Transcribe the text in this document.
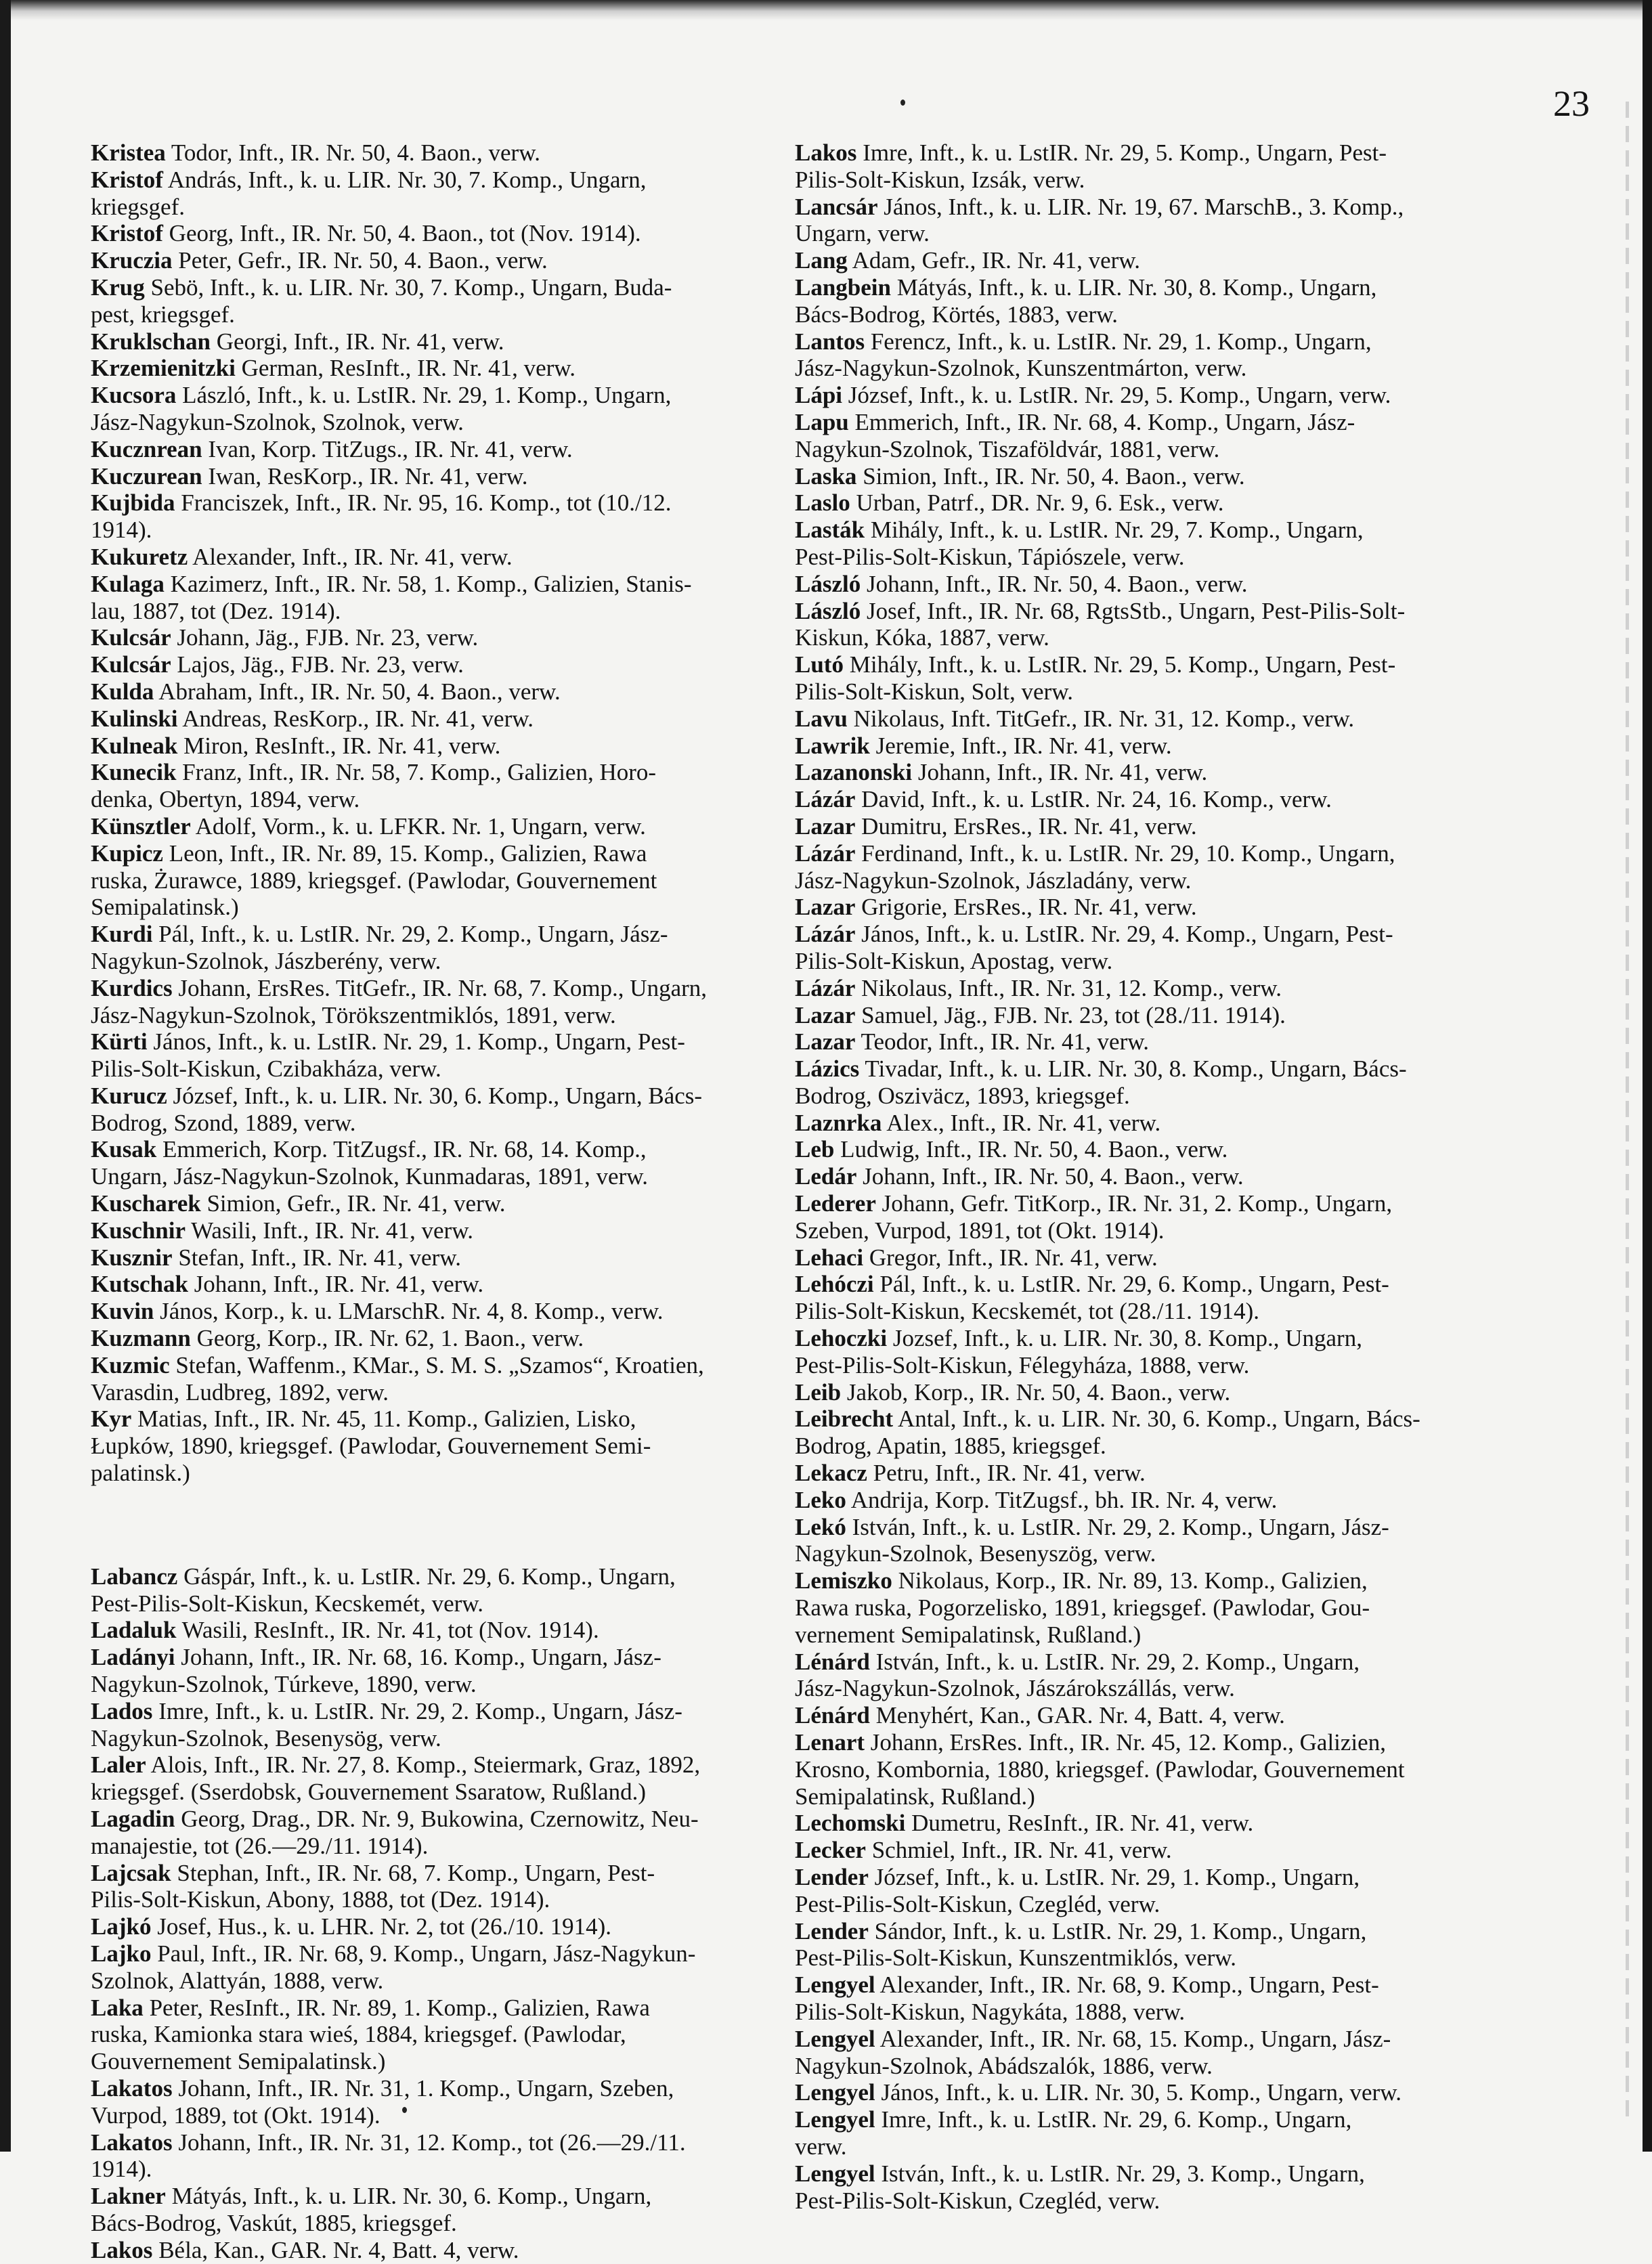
23

Kristea Todor, Inft., IR. Nr. 50, 4. Baon., verw.

Kristof András, Inft., k. u. LIR. Nr. 30, 7. Komp., Ungarn,
kriegsgef.

Kristof Georg, Inft., IR. Nr. 50, 4. Baon., tot (Nov. 1914).

Kruczia Peter, Gefr., IR. Nr. 50, 4. Baon., verw.

Krug Sebö, Inft., k. u. LIR. Nr. 30, 7. Komp., Ungarn, Buda-
pest, kriegsgef.

Kruklschan Georgi, Inft., IR. Nr. 41, verw.

Krzemienitzki German, ResInft., IR. Nr. 41, verw.

Kucsora László, Inft., k. u. LstIR. Nr. 29, 1. Komp., Ungarn,
Jász-Nagykun-Szolnok, Szolnok, verw.

Kucznrean Ivan, Korp. TitZugs., IR. Nr. 41, verw.

Kuczurean Iwan, ResKorp., IR. Nr. 41, verw.

Kujbida Franciszek, Inft., IR. Nr. 95, 16. Komp., tot (10./12.
1914).

Kukuretz Alexander, Inft., IR. Nr. 41, verw.

Kulaga Kazimerz, Inft., IR. Nr. 58, 1. Komp., Galizien, Stanis-
lau, 1887, tot (Dez. 1914).

Kulcsár Johann, Jäg., FJB. Nr. 23, verw.

Kulcsár Lajos, Jäg., FJB. Nr. 23, verw.

Kulda Abraham, Inft., IR. Nr. 50, 4. Baon., verw.

Kulinski Andreas, ResKorp., IR. Nr. 41, verw.

Kulneak Miron, ResInft., IR. Nr. 41, verw.

Kunecik Franz, Inft., IR. Nr. 58, 7. Komp., Galizien, Horo-
denka, Obertyn, 1894, verw.

Künsztler Adolf, Vorm., k. u. LFKR. Nr. 1, Ungarn, verw.

Kupicz Leon, Inft., IR. Nr. 89, 15. Komp., Galizien, Rawa
ruska, Żurawce, 1889, kriegsgef. (Pawlodar, Gouvernement
Semipalatinsk.)

Kurdi Pál, Inft., k. u. LstIR. Nr. 29, 2. Komp., Ungarn, Jász-
Nagykun-Szolnok, Jászberény, verw.

Kurdics Johann, ErsRes. TitGefr., IR. Nr. 68, 7. Komp., Ungarn,
Jász-Nagykun-Szolnok, Törökszentmiklós, 1891, verw.

Kürti János, Inft., k. u. LstIR. Nr. 29, 1. Komp., Ungarn, Pest-
Pilis-Solt-Kiskun, Czibakháza, verw.

Kurucz József, Inft., k. u. LIR. Nr. 30, 6. Komp., Ungarn, Bács-
Bodrog, Szond, 1889, verw.

Kusak Emmerich, Korp. TitZugsf., IR. Nr. 68, 14. Komp.,
Ungarn, Jász-Nagykun-Szolnok, Kunmadaras, 1891, verw.

Kuscharek Simion, Gefr., IR. Nr. 41, verw.

Kuschnir Wasili, Inft., IR. Nr. 41, verw.

Kusznir Stefan, Inft., IR. Nr. 41, verw.

Kutschak Johann, Inft., IR. Nr. 41, verw.

Kuvin János, Korp., k. u. LMarschR. Nr. 4, 8. Komp., verw.

Kuzmann Georg, Korp., IR. Nr. 62, 1. Baon., verw.

Kuzmic Stefan, Waffenm., KMar., S. M. S. „Szamos“, Kroatien,
Varasdin, Ludbreg, 1892, verw.

Kyr Matias, Inft., IR. Nr. 45, 11. Komp., Galizien, Lisko,
Łupków, 1890, kriegsgef. (Pawlodar, Gouvernement Semi-
palatinsk.)

Labancz Gáspár, Inft., k. u. LstIR. Nr. 29, 6. Komp., Ungarn,
Pest-Pilis-Solt-Kiskun, Kecskemét, verw.

Ladaluk Wasili, ResInft., IR. Nr. 41, tot (Nov. 1914).

Ladányi Johann, Inft., IR. Nr. 68, 16. Komp., Ungarn, Jász-
Nagykun-Szolnok, Túrkeve, 1890, verw.

Lados Imre, Inft., k. u. LstIR. Nr. 29, 2. Komp., Ungarn, Jász-
Nagykun-Szolnok, Besenysög, verw.

Laler Alois, Inft., IR. Nr. 27, 8. Komp., Steiermark, Graz, 1892,
kriegsgef. (Sserdobsk, Gouvernement Ssaratow, Rußland.)

Lagadin Georg, Drag., DR. Nr. 9, Bukowina, Czernowitz, Neu-
manajestie, tot (26.—29./11. 1914).

Lajcsak Stephan, Inft., IR. Nr. 68, 7. Komp., Ungarn, Pest-
Pilis-Solt-Kiskun, Abony, 1888, tot (Dez. 1914).

Lajkó Josef, Hus., k. u. LHR. Nr. 2, tot (26./10. 1914).

Lajko Paul, Inft., IR. Nr. 68, 9. Komp., Ungarn, Jász-Nagykun-
Szolnok, Alattyán, 1888, verw.

Laka Peter, ResInft., IR. Nr. 89, 1. Komp., Galizien, Rawa
ruska, Kamionka stara wieś, 1884, kriegsgef. (Pawlodar,
Gouvernement Semipalatinsk.)

Lakatos Johann, Inft., IR. Nr. 31, 1. Komp., Ungarn, Szeben,
Vurpod, 1889, tot (Okt. 1914).

Lakatos Johann, Inft., IR. Nr. 31, 12. Komp., tot (26.—29./11.
1914).

Lakner Mátyás, Inft., k. u. LIR. Nr. 30, 6. Komp., Ungarn,
Bács-Bodrog, Vaskút, 1885, kriegsgef.

Lakos Béla, Kan., GAR. Nr. 4, Batt. 4, verw.

Lakos Imre, Inft., k. u. LstIR. Nr. 29, 5. Komp., Ungarn, Pest-
Pilis-Solt-Kiskun, Izsák, verw.

Lancsár János, Inft., k. u. LIR. Nr. 19, 67. MarschB., 3. Komp.,
Ungarn, verw.

Lang Adam, Gefr., IR. Nr. 41, verw.

Langbein Mátyás, Inft., k. u. LIR. Nr. 30, 8. Komp., Ungarn,
Bács-Bodrog, Körtés, 1883, verw.

Lantos Ferencz, Inft., k. u. LstIR. Nr. 29, 1. Komp., Ungarn,
Jász-Nagykun-Szolnok, Kunszentmárton, verw.

Lápi József, Inft., k. u. LstIR. Nr. 29, 5. Komp., Ungarn, verw.

Lapu Emmerich, Inft., IR. Nr. 68, 4. Komp., Ungarn, Jász-
Nagykun-Szolnok, Tiszaföldvár, 1881, verw.

Laska Simion, Inft., IR. Nr. 50, 4. Baon., verw.

Laslo Urban, Patrf., DR. Nr. 9, 6. Esk., verw.

Lasták Mihály, Inft., k. u. LstIR. Nr. 29, 7. Komp., Ungarn,
Pest-Pilis-Solt-Kiskun, Tápiószele, verw.

László Johann, Inft., IR. Nr. 50, 4. Baon., verw.

László Josef, Inft., IR. Nr. 68, RgtsStb., Ungarn, Pest-Pilis-Solt-
Kiskun, Kóka, 1887, verw.

Lutó Mihály, Inft., k. u. LstIR. Nr. 29, 5. Komp., Ungarn, Pest-
Pilis-Solt-Kiskun, Solt, verw.

Lavu Nikolaus, Inft. TitGefr., IR. Nr. 31, 12. Komp., verw.

Lawrik Jeremie, Inft., IR. Nr. 41, verw.

Lazanonski Johann, Inft., IR. Nr. 41, verw.

Lázár David, Inft., k. u. LstIR. Nr. 24, 16. Komp., verw.

Lazar Dumitru, ErsRes., IR. Nr. 41, verw.

Lázár Ferdinand, Inft., k. u. LstIR. Nr. 29, 10. Komp., Ungarn,
Jász-Nagykun-Szolnok, Jászladány, verw.

Lazar Grigorie, ErsRes., IR. Nr. 41, verw.

Lázár János, Inft., k. u. LstIR. Nr. 29, 4. Komp., Ungarn, Pest-
Pilis-Solt-Kiskun, Apostag, verw.

Lázár Nikolaus, Inft., IR. Nr. 31, 12. Komp., verw.

Lazar Samuel, Jäg., FJB. Nr. 23, tot (28./11. 1914).

Lazar Teodor, Inft., IR. Nr. 41, verw.

Lázics Tivadar, Inft., k. u. LIR. Nr. 30, 8. Komp., Ungarn, Bács-
Bodrog, Osziväcz, 1893, kriegsgef.

Laznrka Alex., Inft., IR. Nr. 41, verw.

Leb Ludwig, Inft., IR. Nr. 50, 4. Baon., verw.

Ledár Johann, Inft., IR. Nr. 50, 4. Baon., verw.

Lederer Johann, Gefr. TitKorp., IR. Nr. 31, 2. Komp., Ungarn,
Szeben, Vurpod, 1891, tot (Okt. 1914).

Lehaci Gregor, Inft., IR. Nr. 41, verw.

Lehóczi Pál, Inft., k. u. LstIR. Nr. 29, 6. Komp., Ungarn, Pest-
Pilis-Solt-Kiskun, Kecskemét, tot (28./11. 1914).

Lehoczki Jozsef, Inft., k. u. LIR. Nr. 30, 8. Komp., Ungarn,
Pest-Pilis-Solt-Kiskun, Félegyháza, 1888, verw.

Leib Jakob, Korp., IR. Nr. 50, 4. Baon., verw.

Leibrecht Antal, Inft., k. u. LIR. Nr. 30, 6. Komp., Ungarn, Bács-
Bodrog, Apatin, 1885, kriegsgef.

Lekacz Petru, Inft., IR. Nr. 41, verw.

Leko Andrija, Korp. TitZugsf., bh. IR. Nr. 4, verw.

Lekó István, Inft., k. u. LstIR. Nr. 29, 2. Komp., Ungarn, Jász-
Nagykun-Szolnok, Besenyszög, verw.

Lemiszko Nikolaus, Korp., IR. Nr. 89, 13. Komp., Galizien,
Rawa ruska, Pogorzelisko, 1891, kriegsgef. (Pawlodar, Gou-
vernement Semipalatinsk, Rußland.)

Lénárd István, Inft., k. u. LstIR. Nr. 29, 2. Komp., Ungarn,
Jász-Nagykun-Szolnok, Jászárokszállás, verw.

Lénárd Menyhért, Kan., GAR. Nr. 4, Batt. 4, verw.

Lenart Johann, ErsRes. Inft., IR. Nr. 45, 12. Komp., Galizien,
Krosno, Kombornia, 1880, kriegsgef. (Pawlodar, Gouvernement
Semipalatinsk, Rußland.)

Lechomski Dumetru, ResInft., IR. Nr. 41, verw.

Lecker Schmiel, Inft., IR. Nr. 41, verw.

Lender József, Inft., k. u. LstIR. Nr. 29, 1. Komp., Ungarn,
Pest-Pilis-Solt-Kiskun, Czegléd, verw.

Lender Sándor, Inft., k. u. LstIR. Nr. 29, 1. Komp., Ungarn,
Pest-Pilis-Solt-Kiskun, Kunszentmiklós, verw.

Lengyel Alexander, Inft., IR. Nr. 68, 9. Komp., Ungarn, Pest-
Pilis-Solt-Kiskun, Nagykáta, 1888, verw.

Lengyel Alexander, Inft., IR. Nr. 68, 15. Komp., Ungarn, Jász-
Nagykun-Szolnok, Abádszalók, 1886, verw.

Lengyel János, Inft., k. u. LIR. Nr. 30, 5. Komp., Ungarn, verw.

Lengyel Imre, Inft., k. u. LstIR. Nr. 29, 6. Komp., Ungarn,
verw.

Lengyel István, Inft., k. u. LstIR. Nr. 29, 3. Komp., Ungarn,
Pest-Pilis-Solt-Kiskun, Czegléd, verw.
